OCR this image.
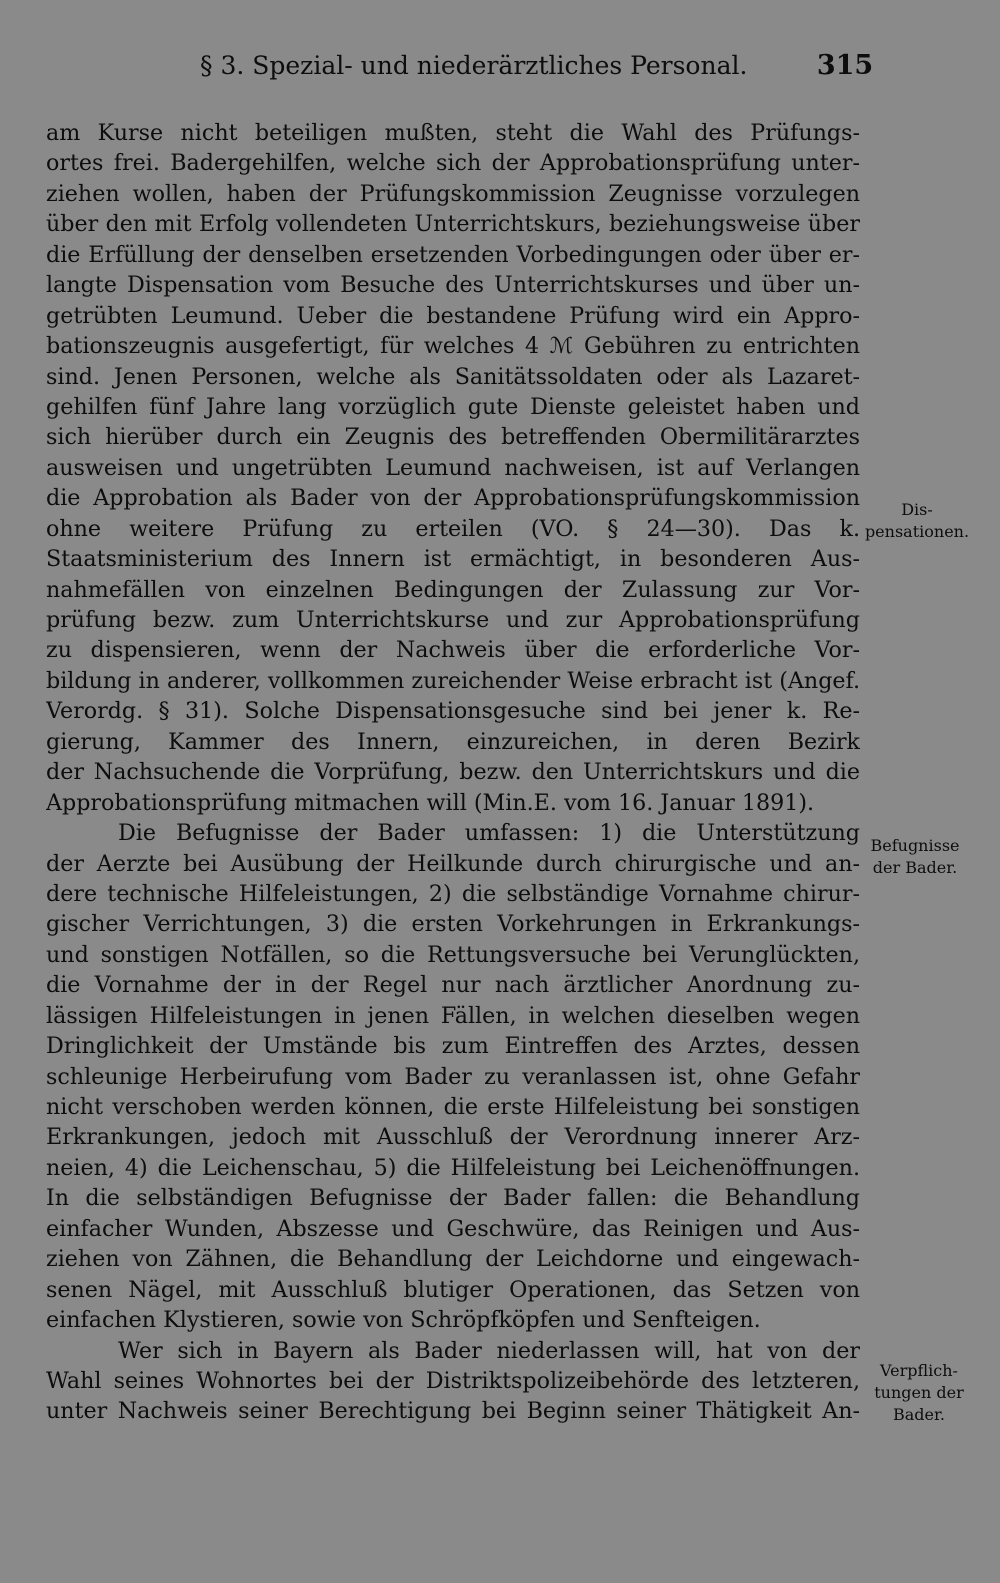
§ 3. Spezial- und niederärztliches Personal.	315
am Kurse nicht beteiligen mußten, steht die Wahl des Prüfungs-
ortes frei. Badergehilfen, welche sich der Approbationsprüfung unter-
ziehen wollen, haben der Prüfungskommission Zeugnisse vorzulegen
über den mit Erfolg vollendeten Unterrichtskurs, beziehungsweise über
die Erfüllung der denselben ersetzenden Vorbedingungen oder über er-
langte Dispensation vom Besuche des Unterrichtskurses und über un-
getrübten Leumund. Ueber die bestandene Prüfung wird ein Appro-
bationszeugnis ausgefertigt, für welches 4 ℳ Gebühren zu entrichten
sind. Jenen Personen, welche als Sanitätssoldaten oder als Lazaret-
gehilfen fünf Jahre lang vorzüglich gute Dienste geleistet haben und
sich hierüber durch ein Zeugnis des betreffenden Obermilitärarztes
ausweisen und ungetrübten Leumund nachweisen, ist auf Verlangen
die Approbation als Bader von der Approbationsprüfungskommission
ohne weitere Prüfung zu erteilen (VO. § 24—30). Das k.
Staatsministerium des Innern ist ermächtigt, in besonderen Aus-
nahmefällen von einzelnen Bedingungen der Zulassung zur Vor-
prüfung bezw. zum Unterrichtskurse und zur Approbationsprüfung
zu dispensieren, wenn der Nachweis über die erforderliche Vor-
bildung in anderer, vollkommen zureichender Weise erbracht ist (Angef.
Verordg. § 31). Solche Dispensationsgesuche sind bei jener k. Re-
gierung, Kammer des Innern, einzureichen, in deren Bezirk
der Nachsuchende die Vorprüfung, bezw. den Unterrichtskurs und die
Approbationsprüfung mitmachen will (Min.E. vom 16. Januar 1891).
Die Befugnisse der Bader umfassen: 1) die Unterstützung
der Aerzte bei Ausübung der Heilkunde durch chirurgische und an-
dere technische Hilfeleistungen, 2) die selbständige Vornahme chirur-
gischer Verrichtungen, 3) die ersten Vorkehrungen in Erkrankungs-
und sonstigen Notfällen, so die Rettungsversuche bei Verunglückten,
die Vornahme der in der Regel nur nach ärztlicher Anordnung zu-
lässigen Hilfeleistungen in jenen Fällen, in welchen dieselben wegen
Dringlichkeit der Umstände bis zum Eintreffen des Arztes, dessen
schleunige Herbeirufung vom Bader zu veranlassen ist, ohne Gefahr
nicht verschoben werden können, die erste Hilfeleistung bei sonstigen
Erkrankungen, jedoch mit Ausschluß der Verordnung innerer Arz-
neien, 4) die Leichenschau, 5) die Hilfeleistung bei Leichenöffnungen.
In die selbständigen Befugnisse der Bader fallen: die Behandlung
einfacher Wunden, Abszesse und Geschwüre, das Reinigen und Aus-
ziehen von Zähnen, die Behandlung der Leichdorne und eingewach-
senen Nägel, mit Ausschluß blutiger Operationen, das Setzen von
einfachen Klystieren, sowie von Schröpfköpfen und Senfteigen.
Wer sich in Bayern als Bader niederlassen will, hat von der
Wahl seines Wohnortes bei der Distriktspolizeibehörde des letzteren,
unter Nachweis seiner Berechtigung bei Beginn seiner Thätigkeit An-
Dis-
pensationen.
Befugnisse
der Bader.
Verpflich-
tungen der
Bader.
